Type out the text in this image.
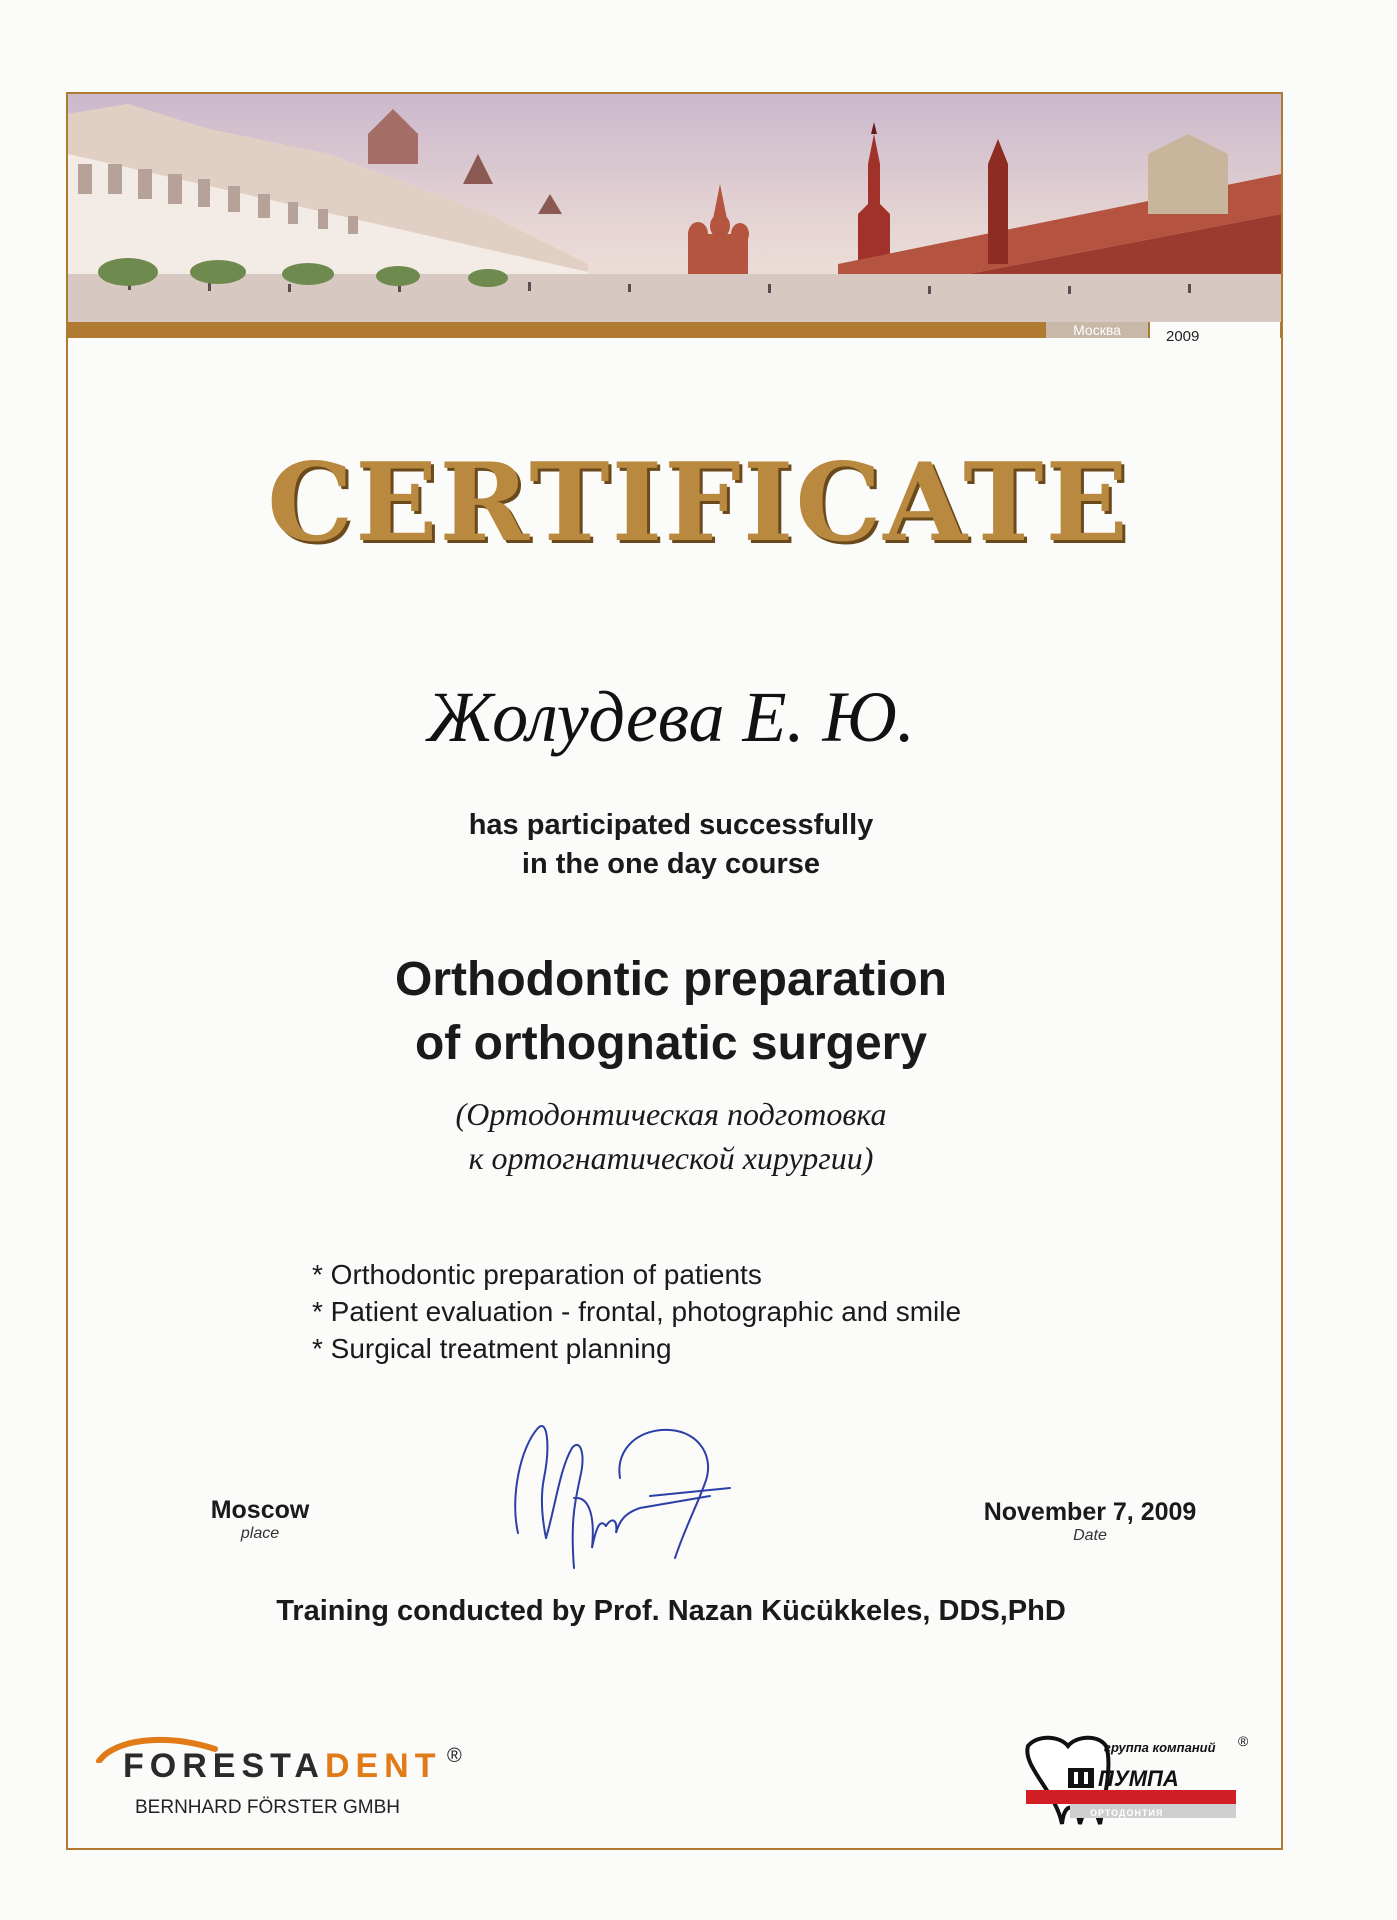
Москва	2009
CERTIFICATE
Жолудева Е. Ю.
has participated successfully
in the one day course
Orthodontic preparation
of orthognatic surgery
(Ортодонтическая подготовка
к ортогнатической хирургии)
* Orthodontic preparation of patients
* Patient evaluation - frontal, photographic and smile
* Surgical treatment planning
Moscow
place
November 7, 2009
Date
Training conducted by Prof. Nazan Kücükkeles, DDS,PhD
FORESTADENT ®
BERNHARD FÖRSTER GMBH
группа компаний
ПУМПА
ОРТОДОНТИЯ
®
